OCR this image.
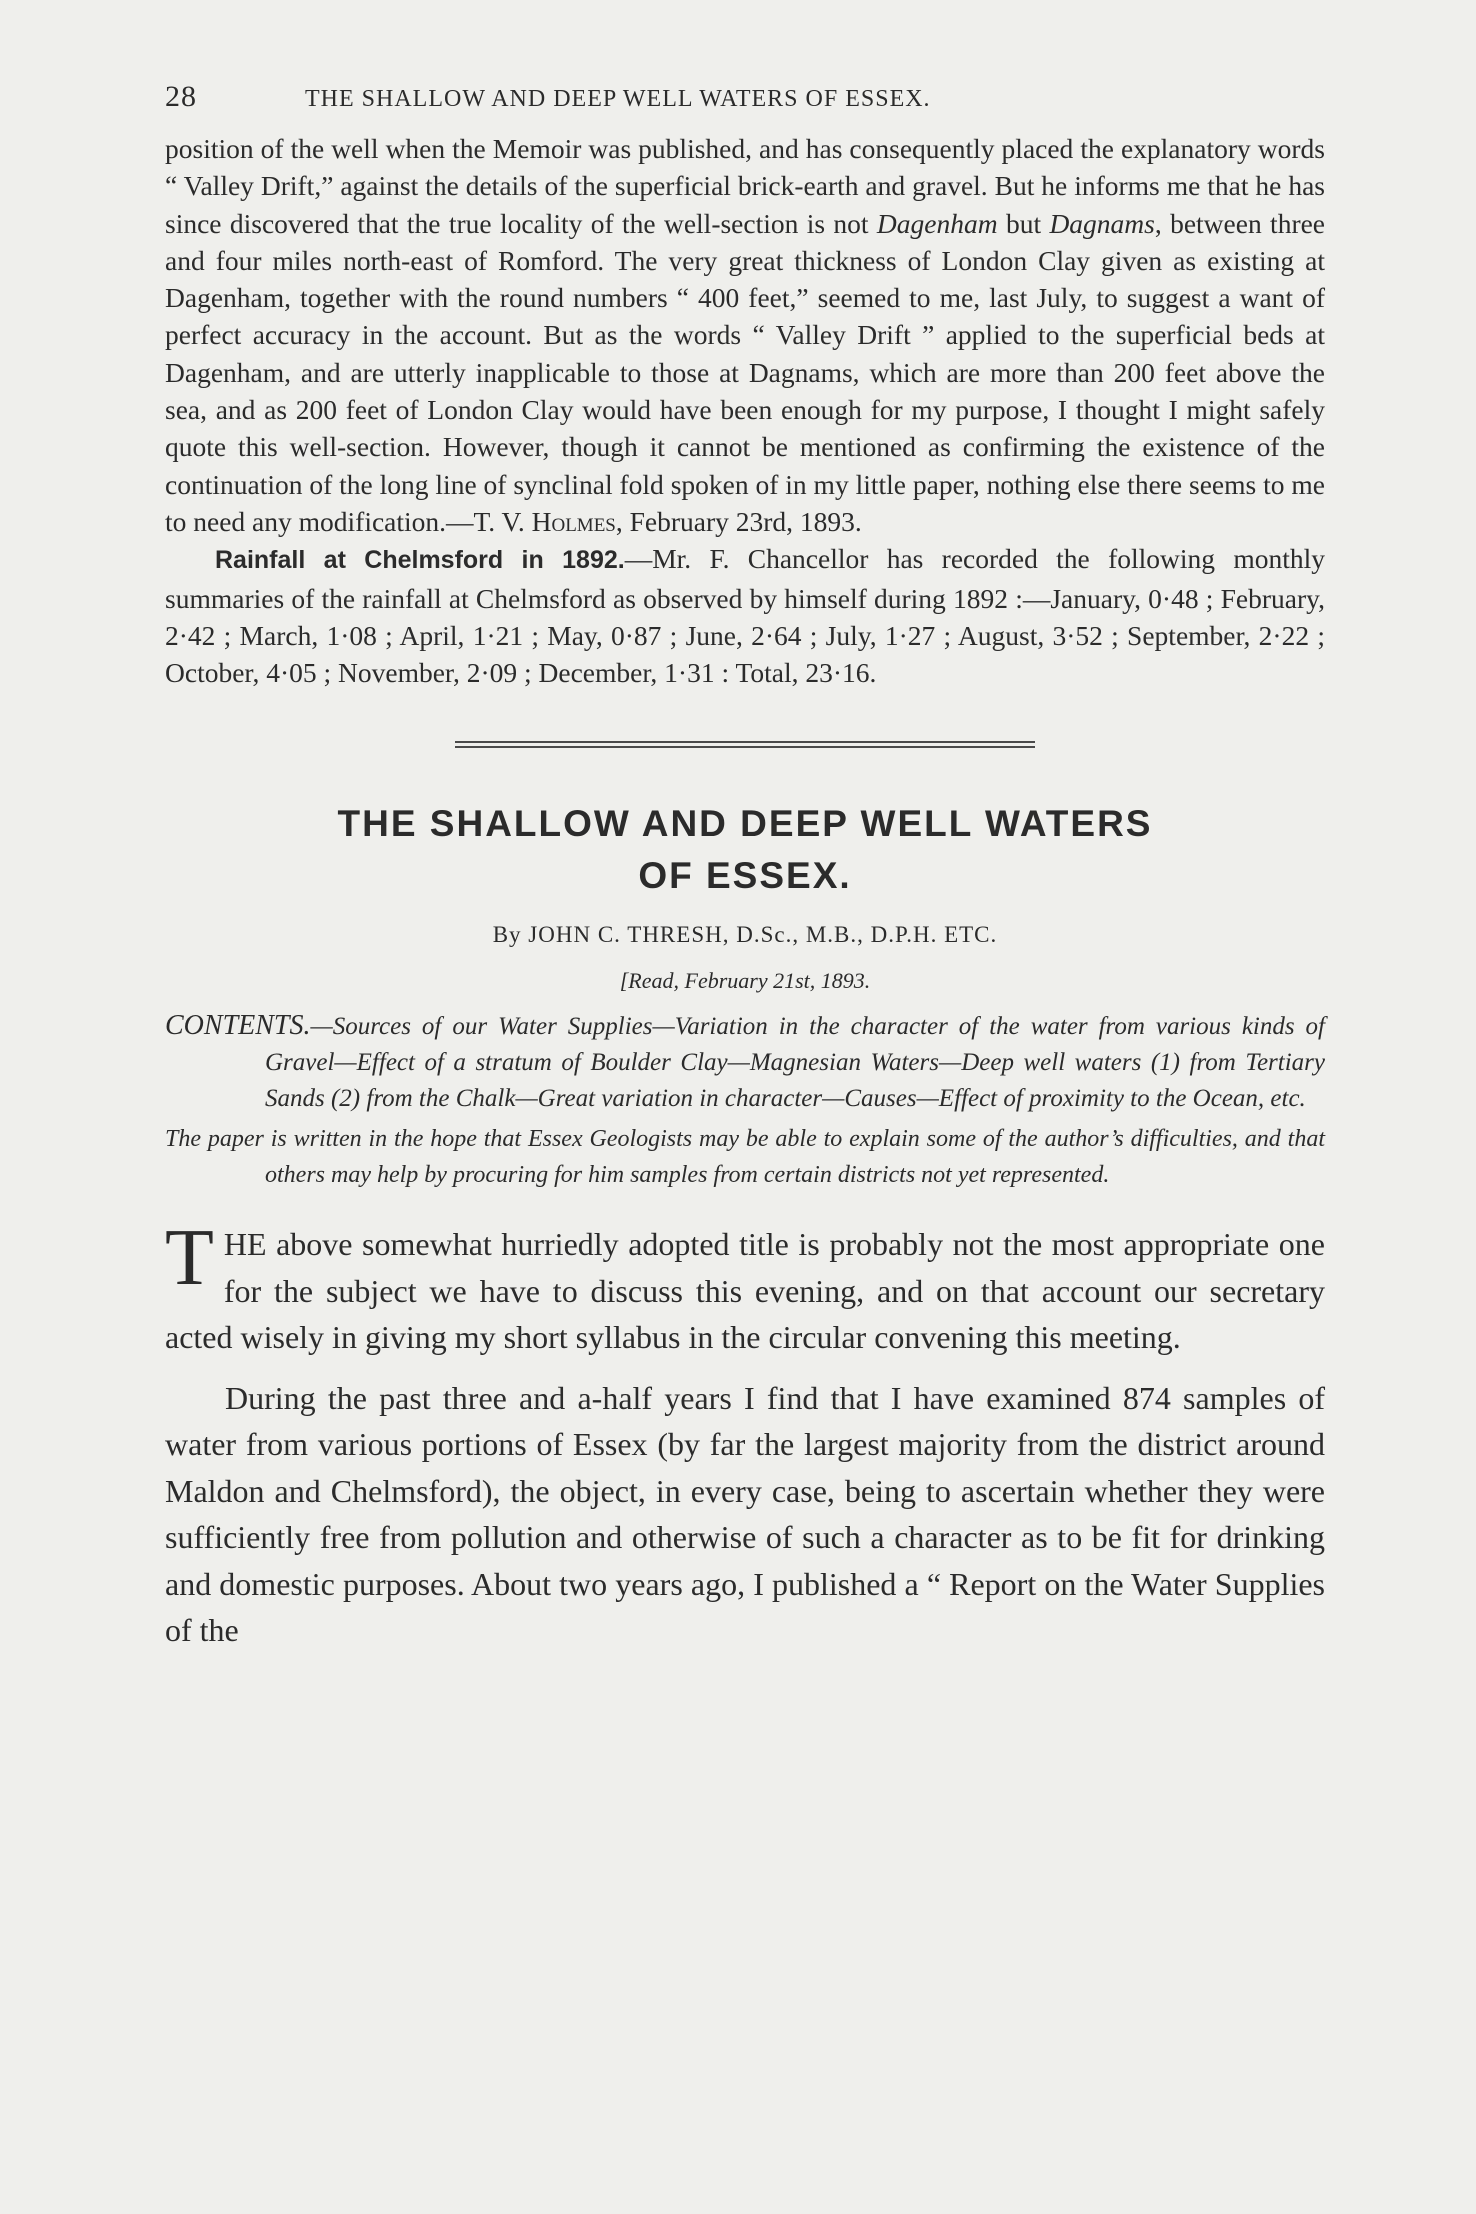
28	THE SHALLOW AND DEEP WELL WATERS OF ESSEX.

position of the well when the Memoir was published, and has consequently placed the explanatory words “ Valley Drift,” against the details of the superficial brick-earth and gravel. But he informs me that he has since discovered that the true locality of the well-section is not Dagenham but Dagnams, between three and four miles north-east of Romford. The very great thickness of London Clay given as existing at Dagenham, together with the round numbers “ 400 feet,” seemed to me, last July, to suggest a want of perfect accuracy in the account. But as the words “ Valley Drift ” applied to the superficial beds at Dagenham, and are utterly inapplicable to those at Dagnams, which are more than 200 feet above the sea, and as 200 feet of London Clay would have been enough for my purpose, I thought I might safely quote this well-section. However, though it cannot be mentioned as confirming the existence of the continuation of the long line of synclinal fold spoken of in my little paper, nothing else there seems to me to need any modification.—T. V. Holmes, February 23rd, 1893.

Rainfall at Chelmsford in 1892.—Mr. F. Chancellor has recorded the following monthly summaries of the rainfall at Chelmsford as observed by himself during 1892 :—January, 0·48 ; February, 2·42 ; March, 1·08 ; April, 1·21 ; May, 0·87 ; June, 2·64 ; July, 1·27 ; August, 3·52 ; September, 2·22 ; October, 4·05 ; November, 2·09 ; December, 1·31 : Total, 23·16.

THE SHALLOW AND DEEP WELL WATERS
OF ESSEX.
By JOHN C. THRESH, D.Sc., M.B., D.P.H. ETC.
[Read, February 21st, 1893.
CONTENTS.—Sources of our Water Supplies—Variation in the character of the water from various kinds of Gravel—Effect of a stratum of Boulder Clay—Magnesian Waters—Deep well waters (1) from Tertiary Sands (2) from the Chalk—Great variation in character—Causes—Effect of proximity to the Ocean, etc.
The paper is written in the hope that Essex Geologists may be able to explain some of the author’s difficulties, and that others may help by procuring for him samples from certain districts not yet represented.

THE above somewhat hurriedly adopted title is probably not the most appropriate one for the subject we have to discuss this evening, and on that account our secretary acted wisely in giving my short syllabus in the circular convening this meeting.

During the past three and a-half years I find that I have examined 874 samples of water from various portions of Essex (by far the largest majority from the district around Maldon and Chelmsford), the object, in every case, being to ascertain whether they were sufficiently free from pollution and otherwise of such a character as to be fit for drinking and domestic purposes. About two years ago, I published a “ Report on the Water Supplies of the
